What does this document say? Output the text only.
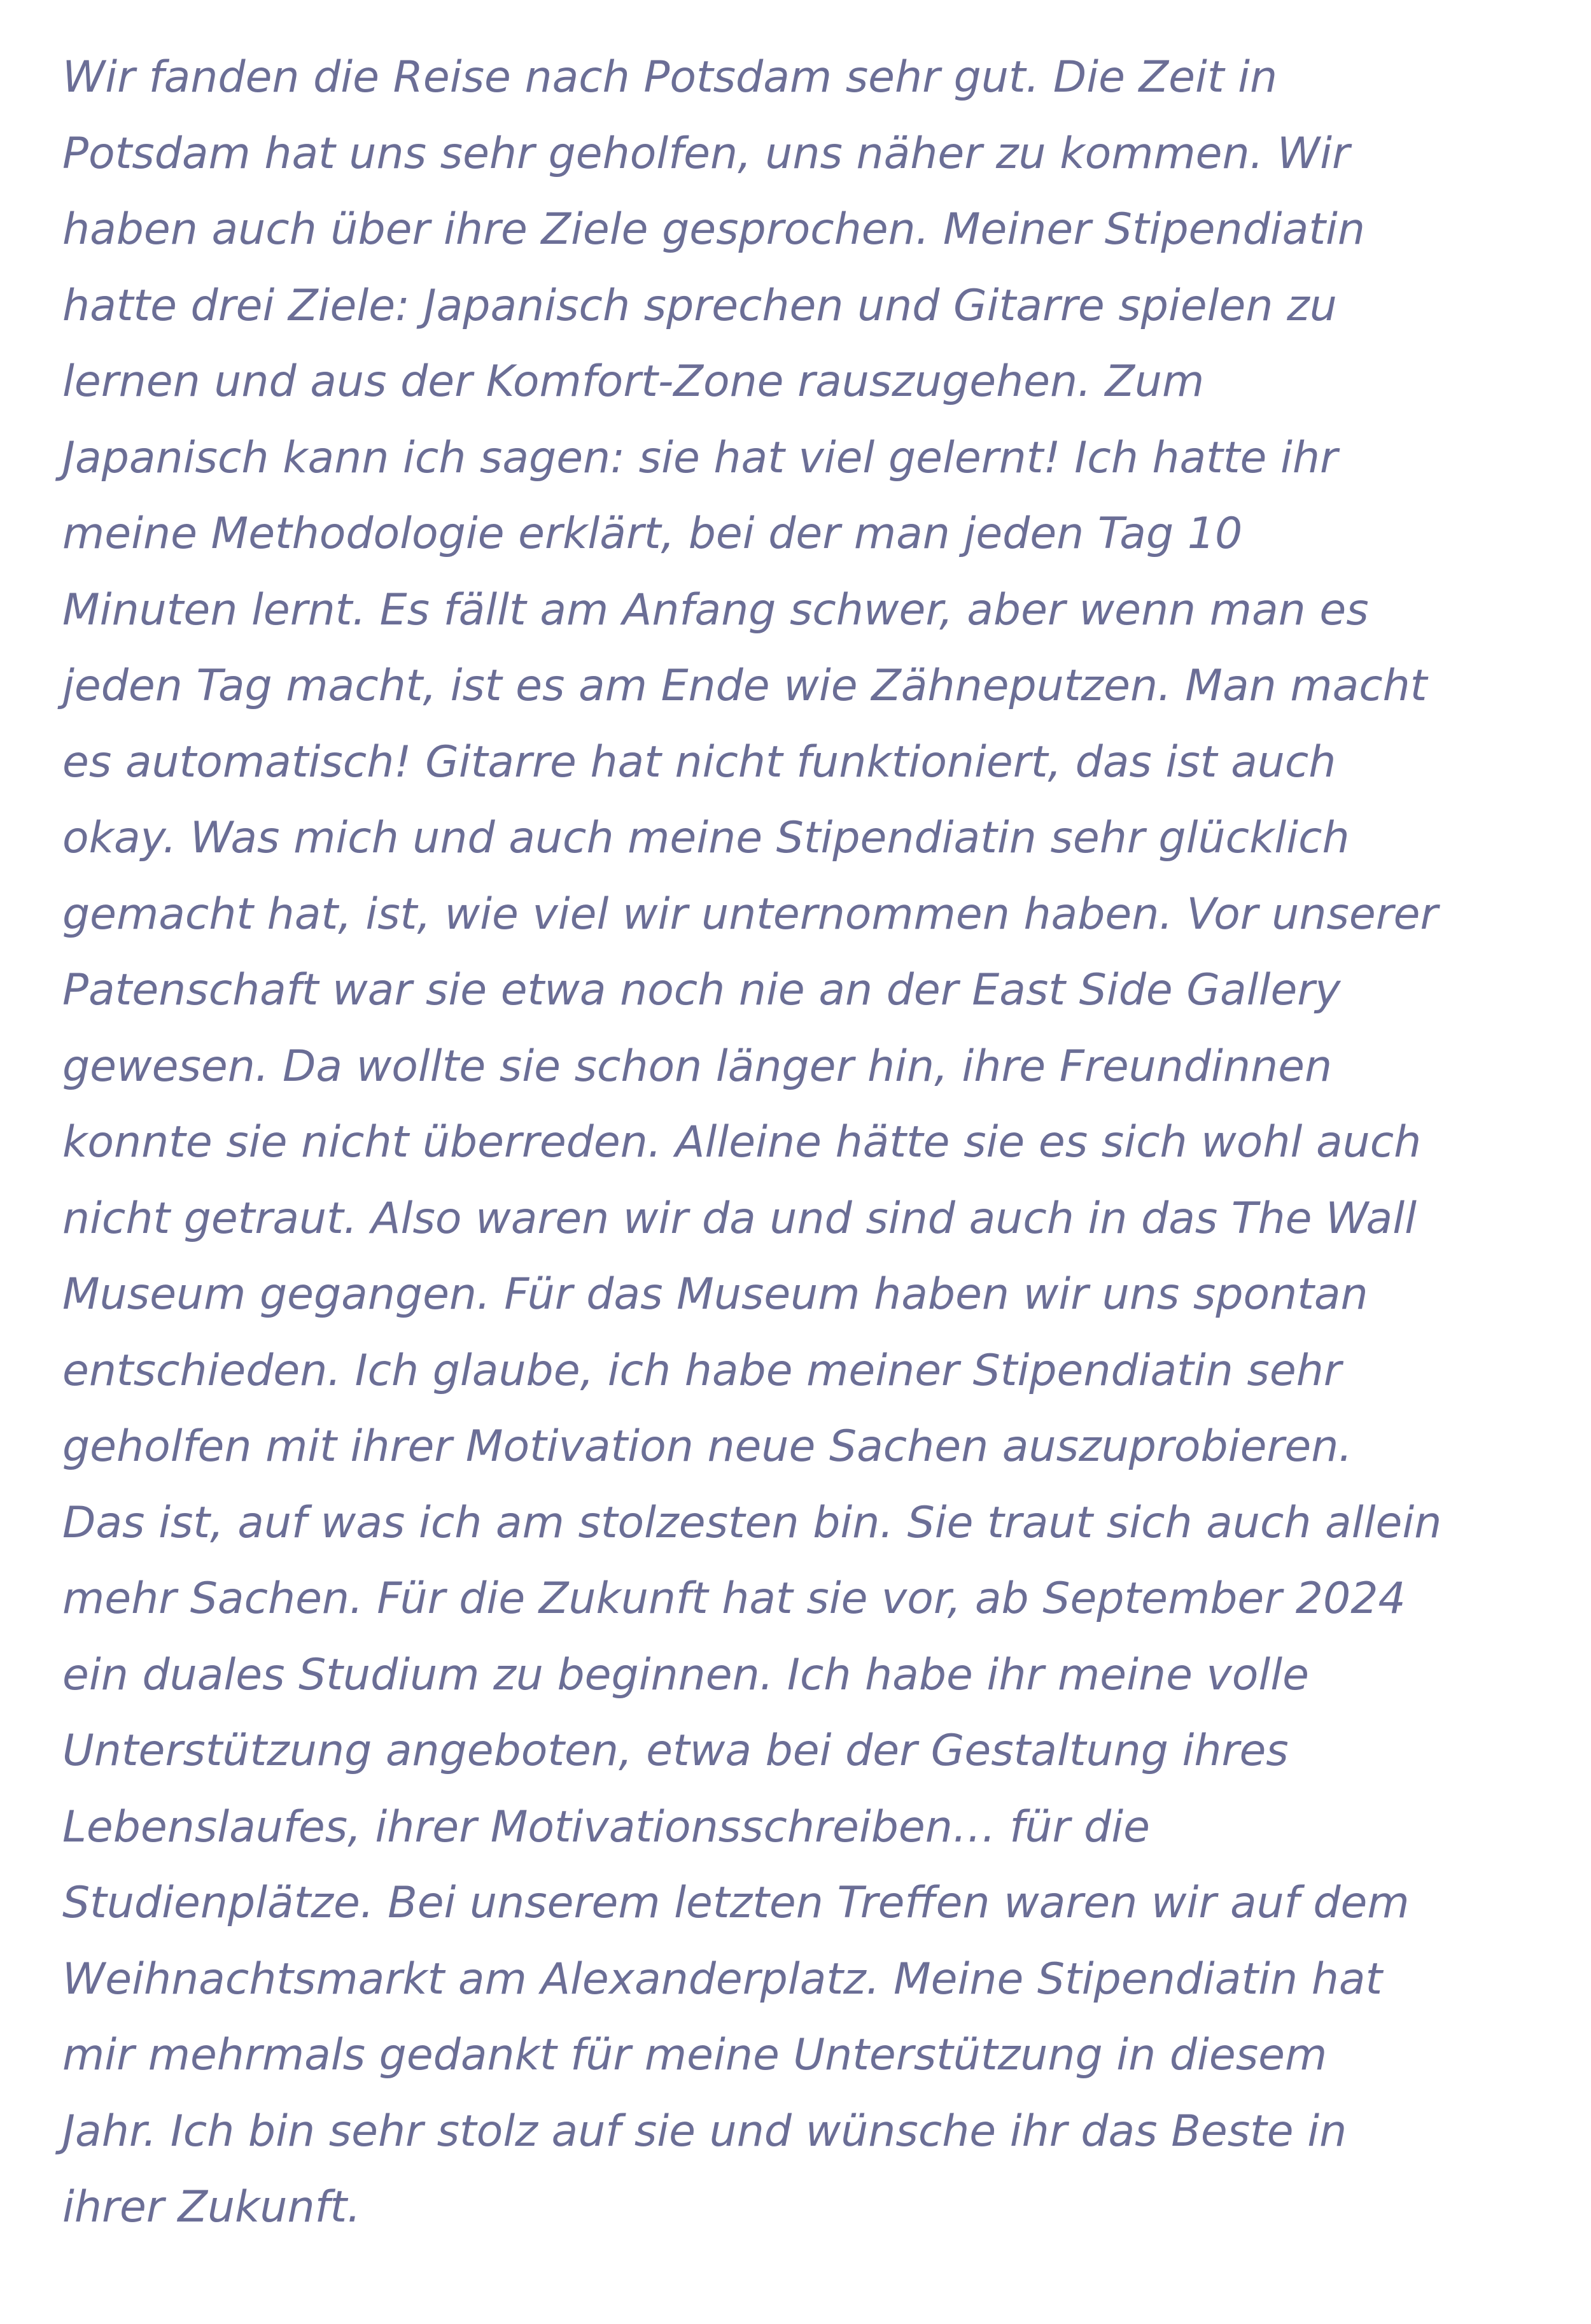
Wir fanden die Reise nach Potsdam sehr gut. Die Zeit in
Potsdam hat uns sehr geholfen, uns näher zu kommen. Wir
haben auch über ihre Ziele gesprochen. Meiner Stipendiatin
hatte drei Ziele: Japanisch sprechen und Gitarre spielen zu
lernen und aus der Komfort-Zone rauszugehen. Zum
Japanisch kann ich sagen: sie hat viel gelernt! Ich hatte ihr
meine Methodologie erklärt, bei der man jeden Tag 10
Minuten lernt. Es fällt am Anfang schwer, aber wenn man es
jeden Tag macht, ist es am Ende wie Zähneputzen. Man macht
es automatisch! Gitarre hat nicht funktioniert, das ist auch
okay. Was mich und auch meine Stipendiatin sehr glücklich
gemacht hat, ist, wie viel wir unternommen haben. Vor unserer
Patenschaft war sie etwa noch nie an der East Side Gallery
gewesen. Da wollte sie schon länger hin, ihre Freundinnen
konnte sie nicht überreden. Alleine hätte sie es sich wohl auch
nicht getraut. Also waren wir da und sind auch in das The Wall
Museum gegangen. Für das Museum haben wir uns spontan
entschieden. Ich glaube, ich habe meiner Stipendiatin sehr
geholfen mit ihrer Motivation neue Sachen auszuprobieren.
Das ist, auf was ich am stolzesten bin. Sie traut sich auch allein
mehr Sachen. Für die Zukunft hat sie vor, ab September 2024
ein duales Studium zu beginnen. Ich habe ihr meine volle
Unterstützung angeboten, etwa bei der Gestaltung ihres
Lebenslaufes, ihrer Motivationsschreiben… für die
Studienplätze. Bei unserem letzten Treffen waren wir auf dem
Weihnachtsmarkt am Alexanderplatz. Meine Stipendiatin hat
mir mehrmals gedankt für meine Unterstützung in diesem
Jahr. Ich bin sehr stolz auf sie und wünsche ihr das Beste in
ihrer Zukunft.
